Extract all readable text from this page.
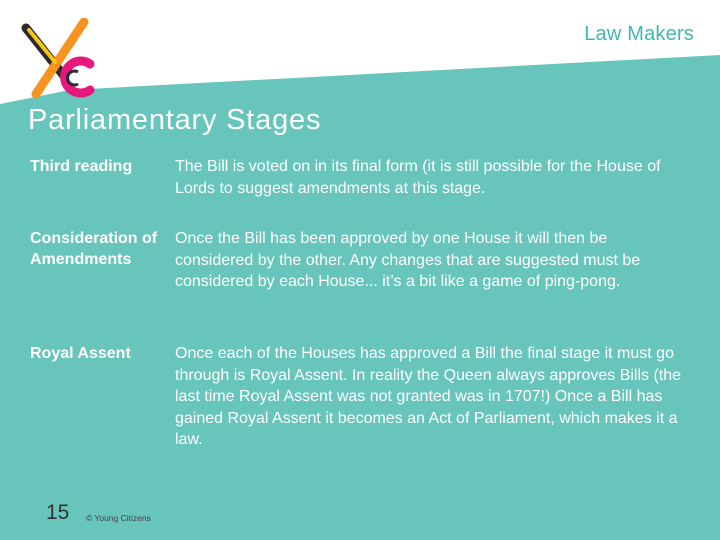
Law Makers
Parliamentary Stages
Third reading	The Bill is voted on in its final form (it is still possible for the House of Lords to suggest amendments at this stage.
Consideration of Amendments
Once the Bill has been approved by one House it will then be considered by the other. Any changes that are suggested must be considered by each House... it’s a bit like a game of ping-pong.
Royal Assent	Once each of the Houses has approved a Bill the final stage it must go through is Royal Assent. In reality the Queen always approves Bills (the last time Royal Assent was not granted was in 1707!) Once a Bill has gained Royal Assent it becomes an Act of Parliament, which makes it a law.
15 © Young Citizens
